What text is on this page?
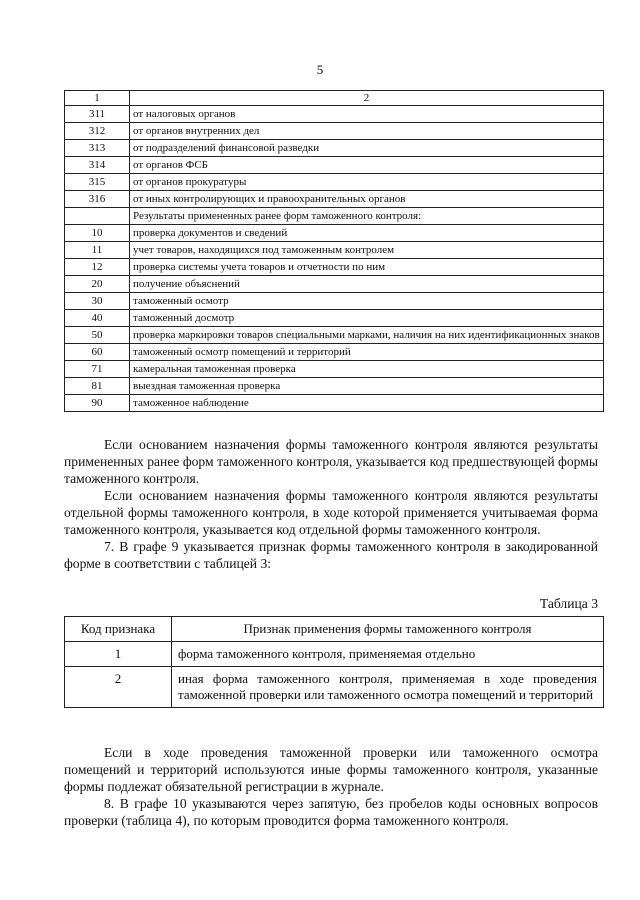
5
1	2
311	от налоговых органов
312	от органов внутренних дел
313	от подразделений финансовой разведки
314	от органов ФСБ
315	от органов прокуратуры
316	от иных контролирующих и правоохранительных органов
	Результаты примененных ранее форм таможенного контроля:
10	проверка документов и сведений
11	учет товаров, находящихся под таможенным контролем
12	проверка системы учета товаров и отчетности по ним
20	получение объяснений
30	таможенный осмотр
40	таможенный досмотр
50	проверка маркировки товаров специальными марками, наличия на них идентификационных знаков
60	таможенный осмотр помещений и территорий
71	камеральная таможенная проверка
81	выездная таможенная проверка
90	таможенное наблюдение
Если основанием назначения формы таможенного контроля являются результаты примененных ранее форм таможенного контроля, указывается код предшествующей формы таможенного контроля.
Если основанием назначения формы таможенного контроля являются результаты отдельной формы таможенного контроля, в ходе которой применяется учитываемая форма таможенного контроля, указывается код отдельной формы таможенного контроля.
7. В графе 9 указывается признак формы таможенного контроля в закодированной форме в соответствии с таблицей 3:
Таблица 3
Код признака	Признак применения формы таможенного контроля
1	форма таможенного контроля, применяемая отдельно
2	иная форма таможенного контроля, применяемая в ходе проведения таможенной проверки или таможенного осмотра помещений и территорий
Если в ходе проведения таможенной проверки или таможенного осмотра помещений и территорий используются иные формы таможенного контроля, указанные формы подлежат обязательной регистрации в журнале.
8. В графе 10 указываются через запятую, без пробелов коды основных вопросов проверки (таблица 4), по которым проводится форма таможенного контроля.
